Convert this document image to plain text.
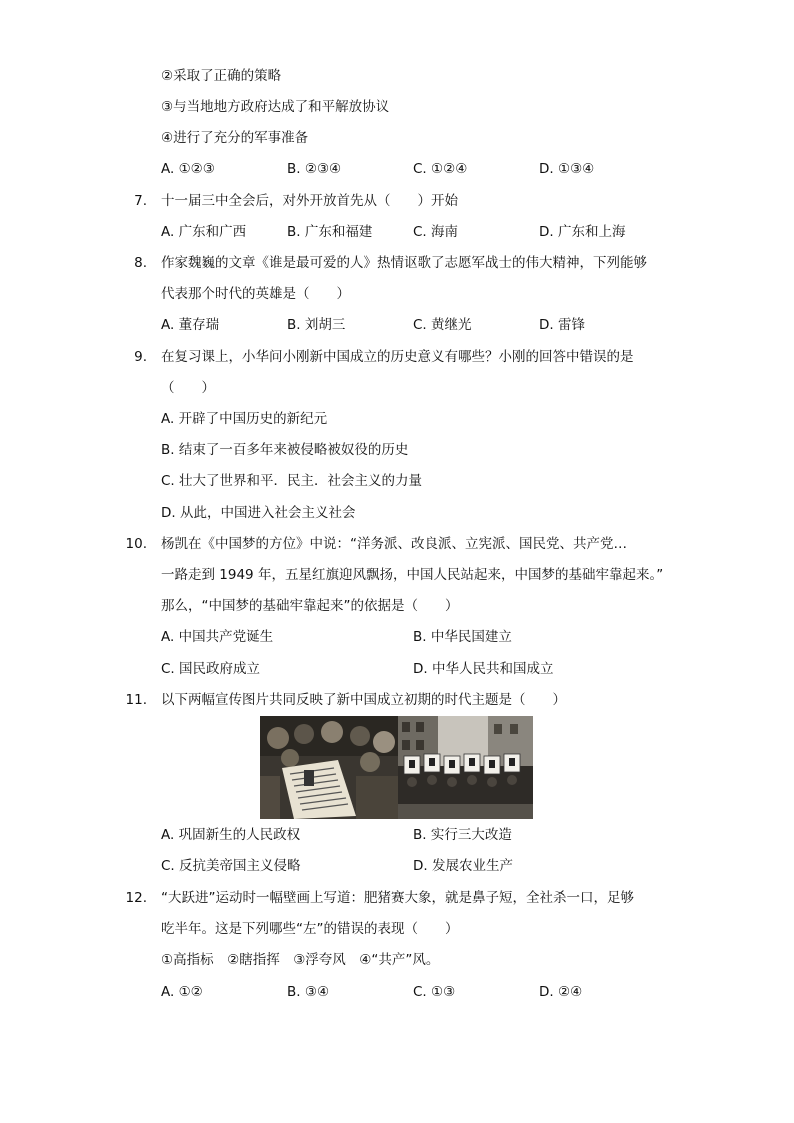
②采取了正确的策略
③与当地地方政府达成了和平解放协议
④进行了充分的军事准备
A. ①②③	B. ②③④	C. ①②④	D. ①③④
7. 十一届三中全会后，对外开放首先从（　　）开始
A. 广东和广西	B. 广东和福建	C. 海南	D. 广东和上海
8. 作家魏巍的文章《谁是最可爱的人》热情讴歌了志愿军战士的伟大精神，下列能够
代表那个时代的英雄是（　　）
A. 董存瑞	B. 刘胡三	C. 黄继光	D. 雷锋
9. 在复习课上，小华问小刚新中国成立的历史意义有哪些？小刚的回答中错误的是
（　　）
A. 开辟了中国历史的新纪元
B. 结束了一百多年来被侵略被奴役的历史
C. 壮大了世界和平．民主．社会主义的力量
D. 从此，中国进入社会主义社会
10. 杨凯在《中国梦的方位》中说：“洋务派、改良派、立宪派、国民党、共产党…
一路走到 1949 年，五星红旗迎风飘扬，中国人民站起来，中国梦的基础牢靠起来。”
那么，“中国梦的基础牢靠起来”的依据是（　　）
A. 中国共产党诞生	B. 中华民国建立
C. 国民政府成立	D. 中华人民共和国成立
11. 以下两幅宣传图片共同反映了新中国成立初期的时代主题是（　　）
A. 巩固新生的人民政权	B. 实行三大改造
C. 反抗美帝国主义侵略	D. 发展农业生产
12. “大跃进”运动时一幅壁画上写道：肥猪赛大象，就是鼻子短，全社杀一口，足够
吃半年。这是下列哪些“左”的错误的表现（　　）
①高指标　②瞎指挥　③浮夸风　④“共产”风。
A. ①②	B. ③④	C. ①③	D. ②④
